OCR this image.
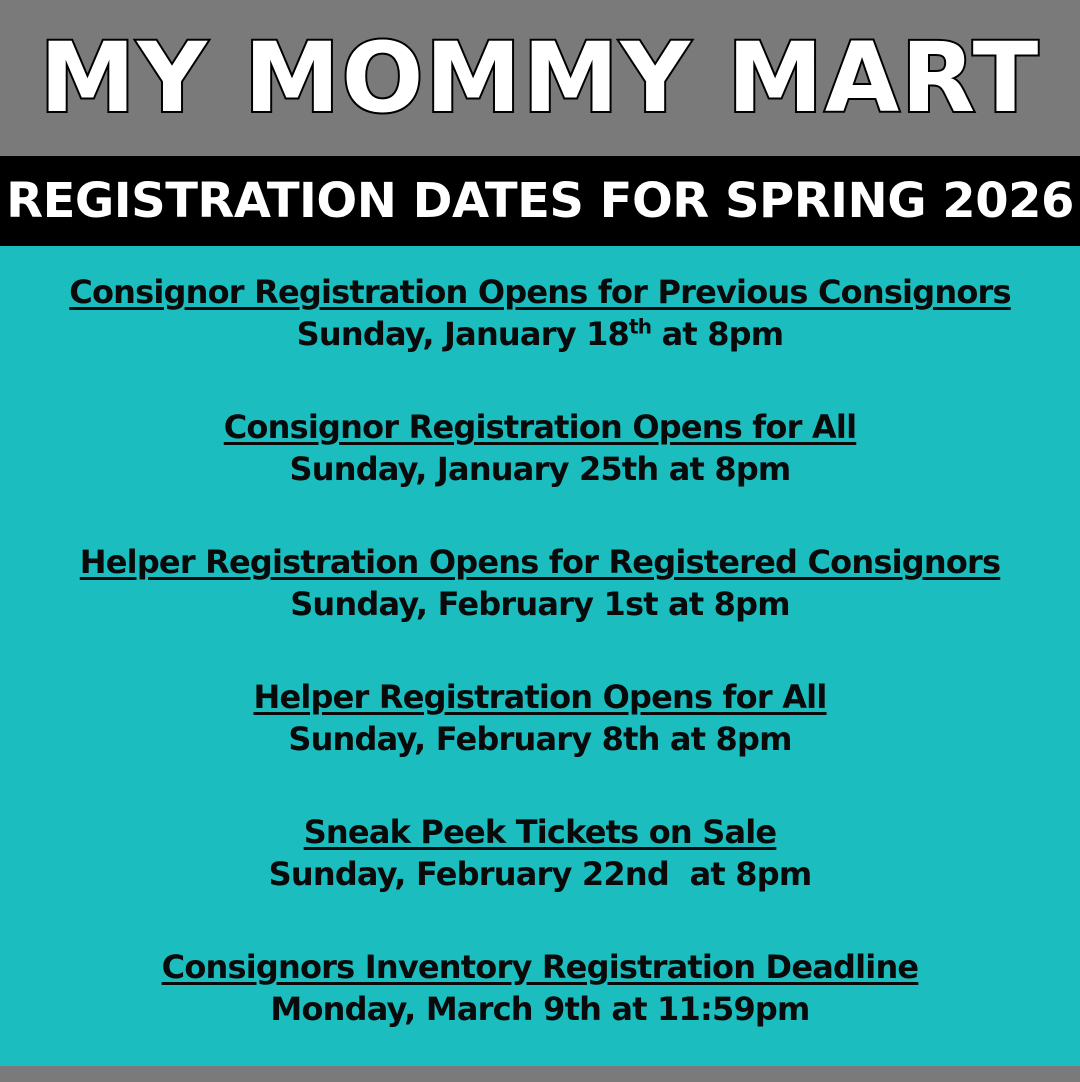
MY MOMMY MART
REGISTRATION DATES FOR SPRING 2026
Consignor Registration Opens for Previous Consignors
Sunday, January 18th at 8pm
Consignor Registration Opens for All
Sunday, January 25th at 8pm
Helper Registration Opens for Registered Consignors
Sunday, February 1st at 8pm
Helper Registration Opens for All
Sunday, February 8th at 8pm
Sneak Peek Tickets on Sale
Sunday, February 22nd  at 8pm
Consignors Inventory Registration Deadline
Monday, March 9th at 11:59pm
